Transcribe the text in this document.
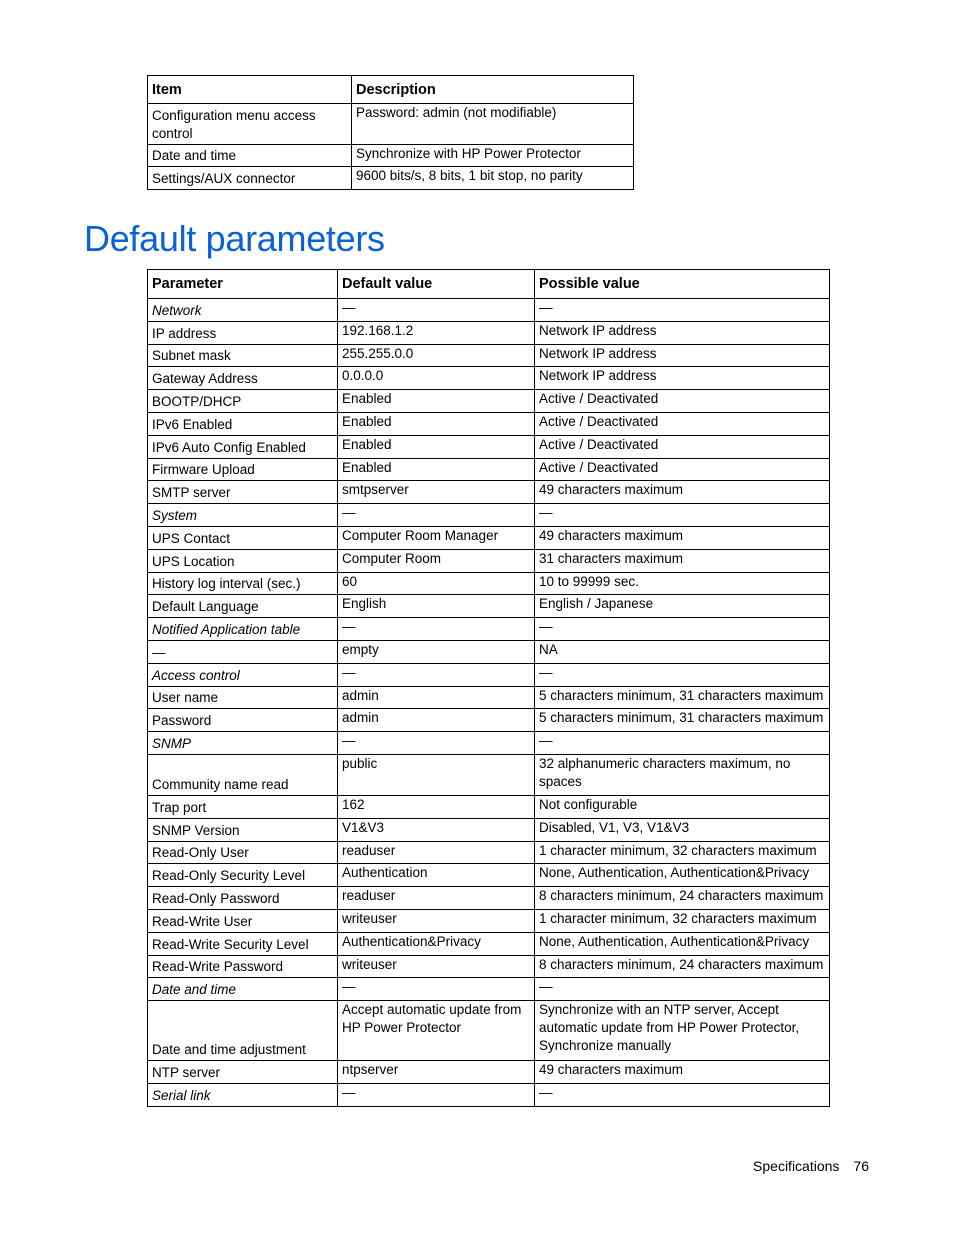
Item	Description
Configuration menu access control	Password: admin (not modifiable)
Date and time	Synchronize with HP Power Protector
Settings/AUX connector	9600 bits/s, 8 bits, 1 bit stop, no parity
Default parameters
Parameter	Default value	Possible value
Network	—	—
IP address	192.168.1.2	Network IP address
Subnet mask	255.255.0.0	Network IP address
Gateway Address	0.0.0.0	Network IP address
BOOTP/DHCP	Enabled	Active / Deactivated
IPv6 Enabled	Enabled	Active / Deactivated
IPv6 Auto Config Enabled	Enabled	Active / Deactivated
Firmware Upload	Enabled	Active / Deactivated
SMTP server	smtpserver	49 characters maximum
System	—	—
UPS Contact	Computer Room Manager	49 characters maximum
UPS Location	Computer Room	31 characters maximum
History log interval (sec.)	60	10 to 99999 sec.
Default Language	English	English / Japanese
Notified Application table	—	—
—	empty	NA
Access control	—	—
User name	admin	5 characters minimum, 31 characters maximum
Password	admin	5 characters minimum, 31 characters maximum
SNMP	—	—
Community name read	public	32 alphanumeric characters maximum, no spaces
Trap port	162	Not configurable
SNMP Version	V1&V3	Disabled, V1, V3, V1&V3
Read-Only User	readuser	1 character minimum, 32 characters maximum
Read-Only Security Level	Authentication	None, Authentication, Authentication&Privacy
Read-Only Password	readuser	8 characters minimum, 24 characters maximum
Read-Write User	writeuser	1 character minimum, 32 characters maximum
Read-Write Security Level	Authentication&Privacy	None, Authentication, Authentication&Privacy
Read-Write Password	writeuser	8 characters minimum, 24 characters maximum
Date and time	—	—
Date and time adjustment	Accept automatic update from HP Power Protector	Synchronize with an NTP server, Accept automatic update from HP Power Protector, Synchronize manually
NTP server	ntpserver	49 characters maximum
Serial link	—	—
Specifications 76
